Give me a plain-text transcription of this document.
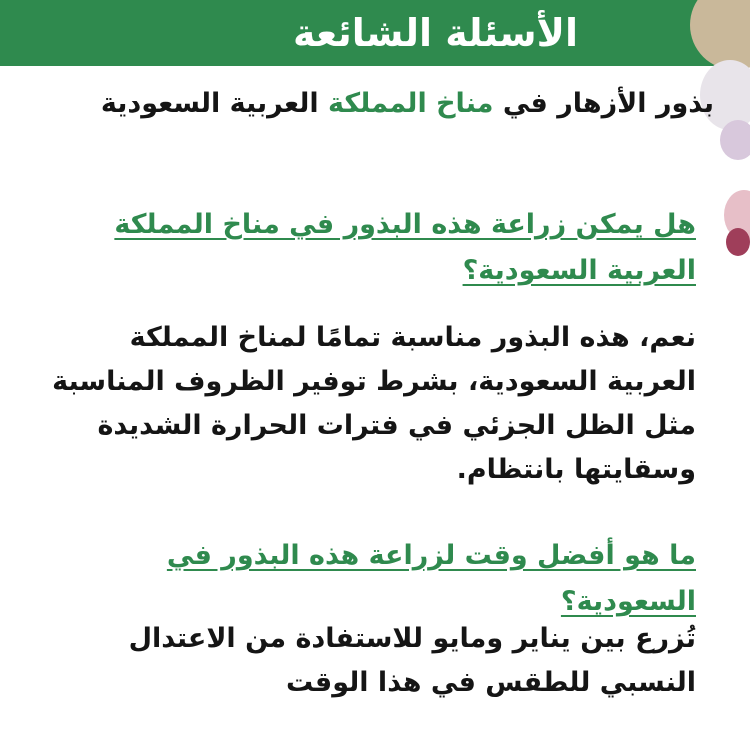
الأسئلة الشائعة
بذور الأزهار في مناخ المملكة العربية السعودية
هل يمكن زراعة هذه البذور في مناخ المملكة العربية السعودية؟
نعم، هذه البذور مناسبة تمامًا لمناخ المملكة العربية السعودية، بشرط توفير الظروف المناسبة مثل الظل الجزئي في فترات الحرارة الشديدة وسقايتها بانتظام.
ما هو أفضل وقت لزراعة هذه البذور في السعودية؟
تُزرع بين يناير ومايو للاستفادة من الاعتدال النسبي للطقس في هذا الوقت
